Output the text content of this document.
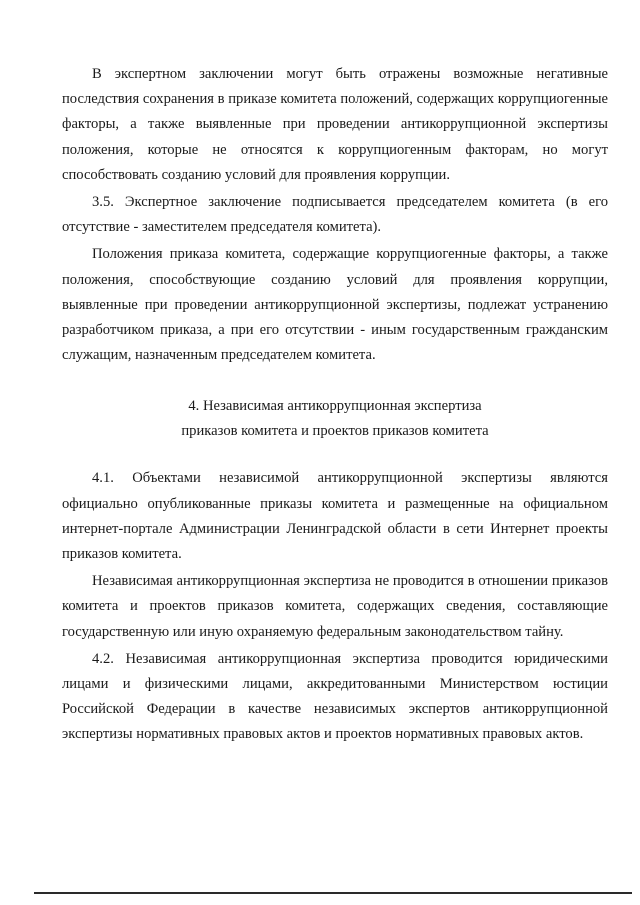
В экспертном заключении могут быть отражены возможные негативные последствия сохранения в приказе комитета положений, содержащих коррупциогенные факторы, а также выявленные при проведении антикоррупционной экспертизы положения, которые не относятся к коррупциогенным факторам, но могут способствовать созданию условий для проявления коррупции.

3.5. Экспертное заключение подписывается председателем комитета (в его отсутствие - заместителем председателя комитета).

Положения приказа комитета, содержащие коррупциогенные факторы, а также положения, способствующие созданию условий для проявления коррупции, выявленные при проведении антикоррупционной экспертизы, подлежат устранению разработчиком приказа, а при его отсутствии - иным государственным гражданским служащим, назначенным председателем комитета.

4. Независимая антикоррупционная экспертиза

приказов комитета и проектов приказов комитета

4.1. Объектами независимой антикоррупционной экспертизы являются официально опубликованные приказы комитета и размещенные на официальном интернет-портале Администрации Ленинградской области в сети Интернет проекты приказов комитета.

Независимая антикоррупционная экспертиза не проводится в отношении приказов комитета и проектов приказов комитета, содержащих сведения, составляющие государственную или иную охраняемую федеральным законодательством тайну.

4.2. Независимая антикоррупционная экспертиза проводится юридическими лицами и физическими лицами, аккредитованными Министерством юстиции Российской Федерации в качестве независимых экспертов антикоррупционной экспертизы нормативных правовых актов и проектов нормативных правовых актов.
